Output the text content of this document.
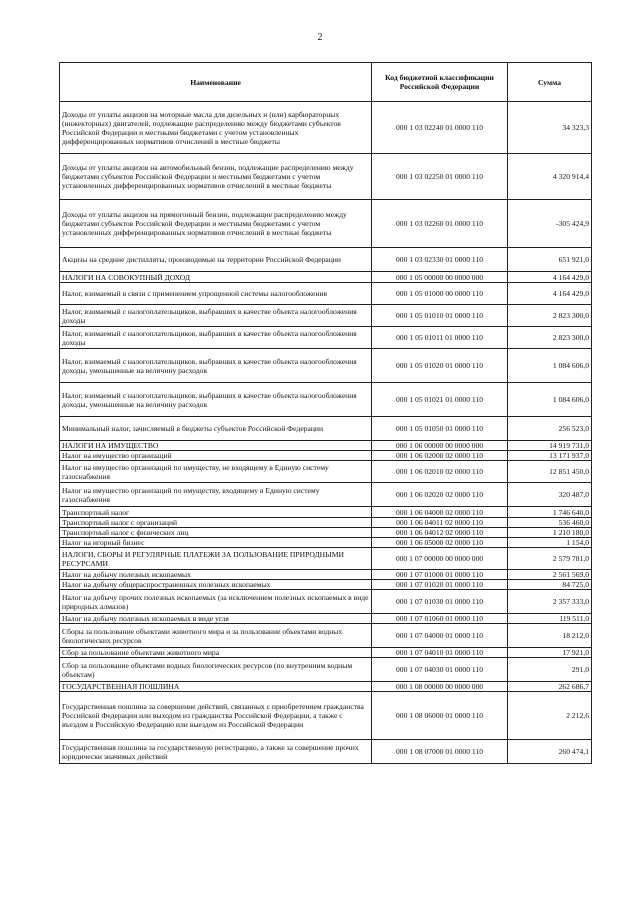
2
Наименование	Код бюджетной классификации Российской Федерации	Сумма
Доходы от уплаты акцизов на моторные масла для дизельных и (или) карбюраторных (инжекторных) двигателей, подлежащие распределению между бюджетами субъектов Российской Федерации и местными бюджетами с учетом установленных дифференцированных нормативов отчислений в местные бюджеты	000 1 03 02240 01 0000 110	34 323,3
Доходы от уплаты акцизов на автомобильный бензин, подлежащие распределению между бюджетами субъектов Российской Федерации и местными бюджетами с учетом установленных дифференцированных нормативов отчислений в местные бюджеты	000 1 03 02250 01 0000 110	4 320 914,4
Доходы от уплаты акцизов на прямогонный бензин, подлежащие распределению между бюджетами субъектов Российской Федерации и местными бюджетами с учетом установленных дифференцированных нормативов отчислений в местные бюджеты	000 1 03 02260 01 0000 110	-305 424,9
Акцизы на средние дистилляты, производимые на территории Российской Федерации	000 1 03 02330 01 0000 110	651 921,0
НАЛОГИ НА СОВОКУПНЫЙ ДОХОД	000 1 05 00000 00 0000 000	4 164 429,0
Налог, взимаемый в связи с применением упрощенной системы налогообложения	000 1 05 01000 00 0000 110	4 164 429,0
Налог, взимаемый с налогоплательщиков, выбравших в качестве объекта налогообложения доходы	000 1 05 01010 01 0000 110	2 823 300,0
Налог, взимаемый с налогоплательщиков, выбравших в качестве объекта налогообложения доходы	000 1 05 01011 01 0000 110	2 823 300,0
Налог, взимаемый с налогоплательщиков, выбравших в качестве объекта налогообложения доходы, уменьшенные на величину расходов	000 1 05 01020 01 0000 110	1 084 606,0
Налог, взимаемый с налогоплательщиков, выбравших в качестве объекта налогообложения доходы, уменьшенные на величину расходов	000 1 05 01021 01 0000 110	1 084 606,0
Минимальный налог, зачисляемый в бюджеты субъектов Российской Федерации	000 1 05 01050 01 0000 110	256 523,0
НАЛОГИ НА ИМУЩЕСТВО	000 1 06 00000 00 0000 000	14 919 731,0
Налог на имущество организаций	000 1 06 02000 02 0000 110	13 171 937,0
Налог на имущество организаций по имуществу, не входящему в Единую систему газоснабжения	000 1 06 02010 02 0000 110	12 851 450,0
Налог на имущество организаций по имуществу, входящему в Единую систему газоснабжения	000 1 06 02020 02 0000 110	320 487,0
Транспортный налог	000 1 06 04000 02 0000 110	1 746 640,0
Транспортный налог с организаций	000 1 06 04011 02 0000 110	536 460,0
Транспортный налог с физических лиц	000 1 06 04012 02 0000 110	1 210 180,0
Налог на игорный бизнес	000 1 06 05000 02 0000 110	1 154,0
НАЛОГИ, СБОРЫ И РЕГУЛЯРНЫЕ ПЛАТЕЖИ ЗА ПОЛЬЗОВАНИЕ ПРИРОДНЫМИ РЕСУРСАМИ	000 1 07 00000 00 0000 000	2 579 781,0
Налог на добычу полезных ископаемых	000 1 07 01000 01 0000 110	2 561 569,0
Налог на добычу общераспространенных полезных ископаемых	000 1 07 01020 01 0000 110	84 725,0
Налог на добычу прочих полезных ископаемых (за исключением полезных ископаемых в виде природных алмазов)	000 1 07 01030 01 0000 110	2 357 333,0
Налог на добычу полезных ископаемых в виде угля	000 1 07 01060 01 0000 110	119 511,0
Сборы за пользование объектами животного мира и за пользование объектами водных биологических ресурсов	000 1 07 04000 01 0000 110	18 212,0
Сбор за пользование объектами животного мира	000 1 07 04010 01 0000 110	17 921,0
Сбор за пользование объектами водных биологических ресурсов (по внутренним водным объектам)	000 1 07 04030 01 0000 110	291,0
ГОСУДАРСТВЕННАЯ ПОШЛИНА	000 1 08 00000 00 0000 000	262 686,7
Государственная пошлина за совершение действий, связанных с приобретением гражданства Российской Федерации или выходом из гражданства Российской Федерации, а также с въездом в Российскую Федерацию или выездом из Российской Федерации	000 1 08 06000 01 0000 110	2 212,6
Государственная пошлина за государственную регистрацию, а также за совершение прочих юридически значимых действий	000 1 08 07000 01 0000 110	260 474,1
